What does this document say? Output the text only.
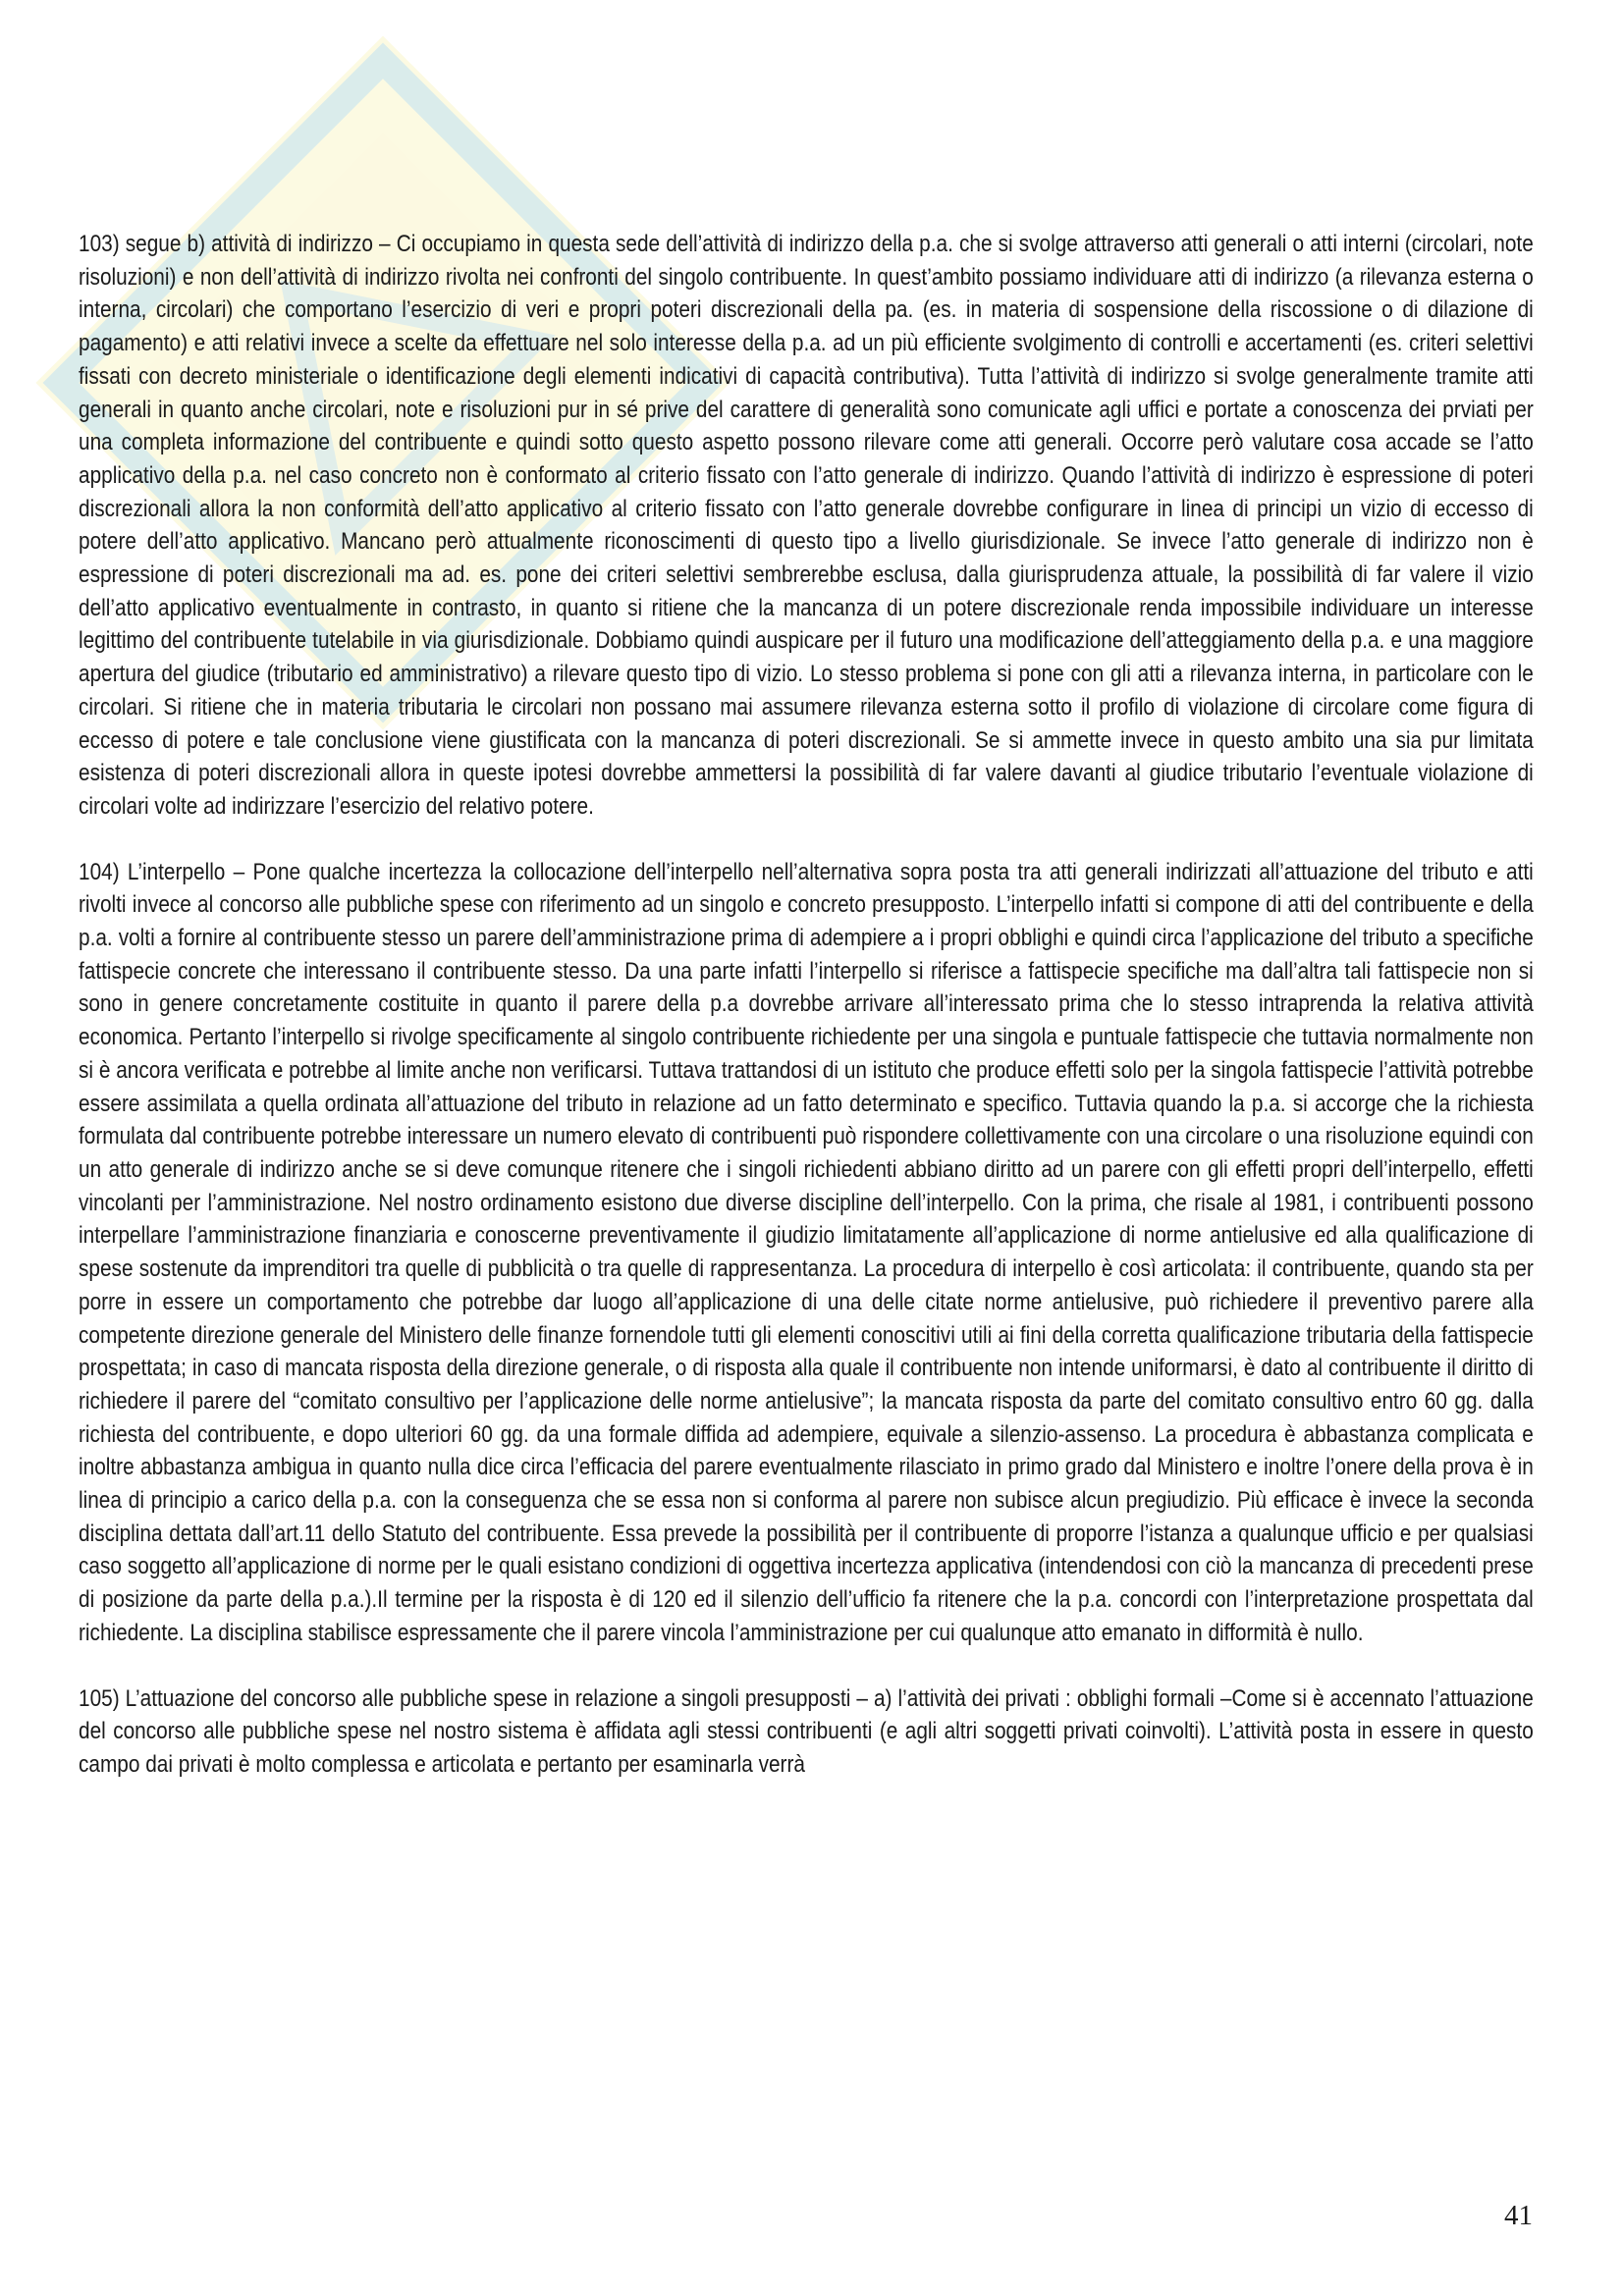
103) segue b) attività di indirizzo – Ci occupiamo in questa sede dell’attività di indirizzo della p.a. che si svolge attraverso atti generali o atti interni (circolari, note risoluzioni) e non dell’attività di indirizzo rivolta nei confronti del singolo contribuente. In quest’ambito possiamo individuare atti di indirizzo (a rilevanza esterna o interna, circolari) che comportano l’esercizio di veri e propri poteri discrezionali della pa. (es. in materia di sospensione della riscossione o di dilazione di pagamento) e atti relativi invece a scelte da effettuare nel solo interesse della p.a. ad un più efficiente svolgimento di controlli e accertamenti (es. criteri selettivi fissati con decreto ministeriale o identificazione degli elementi indicativi di capacità contributiva). Tutta l’attività di indirizzo si svolge generalmente tramite atti generali in quanto anche circolari, note e risoluzioni pur in sé prive del carattere di generalità sono comunicate agli uffici e portate a conoscenza dei prviati per una completa informazione del contribuente e quindi sotto questo aspetto possono rilevare come atti generali. Occorre però valutare cosa accade se l’atto applicativo della p.a. nel caso concreto non è conformato al criterio fissato con l’atto generale di indirizzo. Quando l’attività di indirizzo è espressione di poteri discrezionali allora la non conformità dell’atto applicativo al criterio fissato con l’atto generale dovrebbe configurare in linea di principi un vizio di eccesso di potere dell’atto applicativo. Mancano però attualmente riconoscimenti di questo tipo a livello giurisdizionale. Se invece l’atto generale di indirizzo non è espressione di poteri discrezionali ma ad. es. pone dei criteri selettivi sembrerebbe esclusa, dalla giurisprudenza attuale, la possibilità di far valere il vizio dell’atto applicativo eventualmente in contrasto, in quanto si ritiene che la mancanza di un potere discrezionale renda impossibile individuare un interesse legittimo del contribuente tutelabile in via giurisdizionale. Dobbiamo quindi auspicare per il futuro una modificazione dell’atteggiamento della p.a. e una maggiore apertura del giudice (tributario ed amministrativo) a rilevare questo tipo di vizio. Lo stesso problema si pone con gli atti a rilevanza interna, in particolare con le circolari. Si ritiene che in materia tributaria le circolari non possano mai assumere rilevanza esterna sotto il profilo di violazione di circolare come figura di eccesso di potere e tale conclusione viene giustificata con la mancanza di poteri discrezionali. Se si ammette invece in questo ambito una sia pur limitata esistenza di poteri discrezionali allora in queste ipotesi dovrebbe ammettersi la possibilità di far valere davanti al giudice tributario l’eventuale violazione di circolari volte ad indirizzare l’esercizio del relativo potere.

104) L’interpello – Pone qualche incertezza la collocazione dell’interpello nell’alternativa sopra posta tra atti generali indirizzati all’attuazione del tributo e atti rivolti invece al concorso alle pubbliche spese con riferimento ad un singolo e concreto presupposto. L’interpello infatti si compone di atti del contribuente e della p.a. volti a fornire al contribuente stesso un parere dell’amministrazione prima di adempiere a i propri obblighi e quindi circa l’applicazione del tributo a specifiche fattispecie concrete che interessano il contribuente stesso. Da una parte infatti l’interpello si riferisce a fattispecie specifiche ma dall’altra tali fattispecie non si sono in genere concretamente costituite in quanto il parere della p.a dovrebbe arrivare all’interessato prima che lo stesso intraprenda la relativa attività economica. Pertanto l’interpello si rivolge specificamente al singolo contribuente richiedente per una singola e puntuale fattispecie che tuttavia normalmente non si è ancora verificata e potrebbe al limite anche non verificarsi. Tuttava trattandosi di un istituto che produce effetti solo per la singola fattispecie l’attività potrebbe essere assimilata a quella ordinata all’attuazione del tributo in relazione ad un fatto determinato e specifico. Tuttavia quando la p.a. si accorge che la richiesta formulata dal contribuente potrebbe interessare un numero elevato di contribuenti può rispondere collettivamente con una circolare o una risoluzione equindi con un atto generale di indirizzo anche se si deve comunque ritenere che i singoli richiedenti abbiano diritto ad un parere con gli effetti propri dell’interpello, effetti vincolanti per l’amministrazione. Nel nostro ordinamento esistono due diverse discipline dell’interpello. Con la prima, che risale al 1981, i contribuenti possono interpellare l’amministrazione finanziaria e conoscerne preventivamente il giudizio limitatamente all’applicazione di norme antielusive ed alla qualificazione di spese sostenute da imprenditori tra quelle di pubblicità o tra quelle di rappresentanza. La procedura di interpello è così articolata: il contribuente, quando sta per porre in essere un comportamento che potrebbe dar luogo all’applicazione di una delle citate norme antielusive, può richiedere il preventivo parere alla competente direzione generale del Ministero delle finanze fornendole tutti gli elementi conoscitivi utili ai fini della corretta qualificazione tributaria della fattispecie prospettata; in caso di mancata risposta della direzione generale, o di risposta alla quale il contribuente non intende uniformarsi, è dato al contribuente il diritto di richiedere il parere del “comitato consultivo per l’applicazione delle norme antielusive”; la mancata risposta da parte del comitato consultivo entro 60 gg. dalla richiesta del contribuente, e dopo ulteriori 60 gg. da una formale diffida ad adempiere, equivale a silenzio-assenso. La procedura è abbastanza complicata e inoltre abbastanza ambigua in quanto nulla dice circa l’efficacia del parere eventualmente rilasciato in primo grado dal Ministero e inoltre l’onere della prova è in linea di principio a carico della p.a. con la conseguenza che se essa non si conforma al parere non subisce alcun pregiudizio. Più efficace è invece la seconda disciplina dettata dall’art.11 dello Statuto del contribuente. Essa prevede la possibilità per il contribuente di proporre l’istanza a qualunque ufficio e per qualsiasi caso soggetto all’applicazione di norme per le quali esistano condizioni di oggettiva incertezza applicativa (intendendosi con ciò la mancanza di precedenti prese di posizione da parte della p.a.).Il termine per la risposta è di 120 ed il silenzio dell’ufficio fa ritenere che la p.a. concordi con l’interpretazione prospettata dal richiedente. La disciplina stabilisce espressamente che il parere vincola l’amministrazione per cui qualunque atto emanato in difformità è nullo.

105) L’attuazione del concorso alle pubbliche spese in relazione a singoli presupposti – a) l’attività dei privati : obblighi formali –Come si è accennato l’attuazione del concorso alle pubbliche spese nel nostro sistema è affidata agli stessi contribuenti (e agli altri soggetti privati coinvolti). L’attività posta in essere in questo campo dai privati è molto complessa e articolata e pertanto per esaminarla verrà

41
